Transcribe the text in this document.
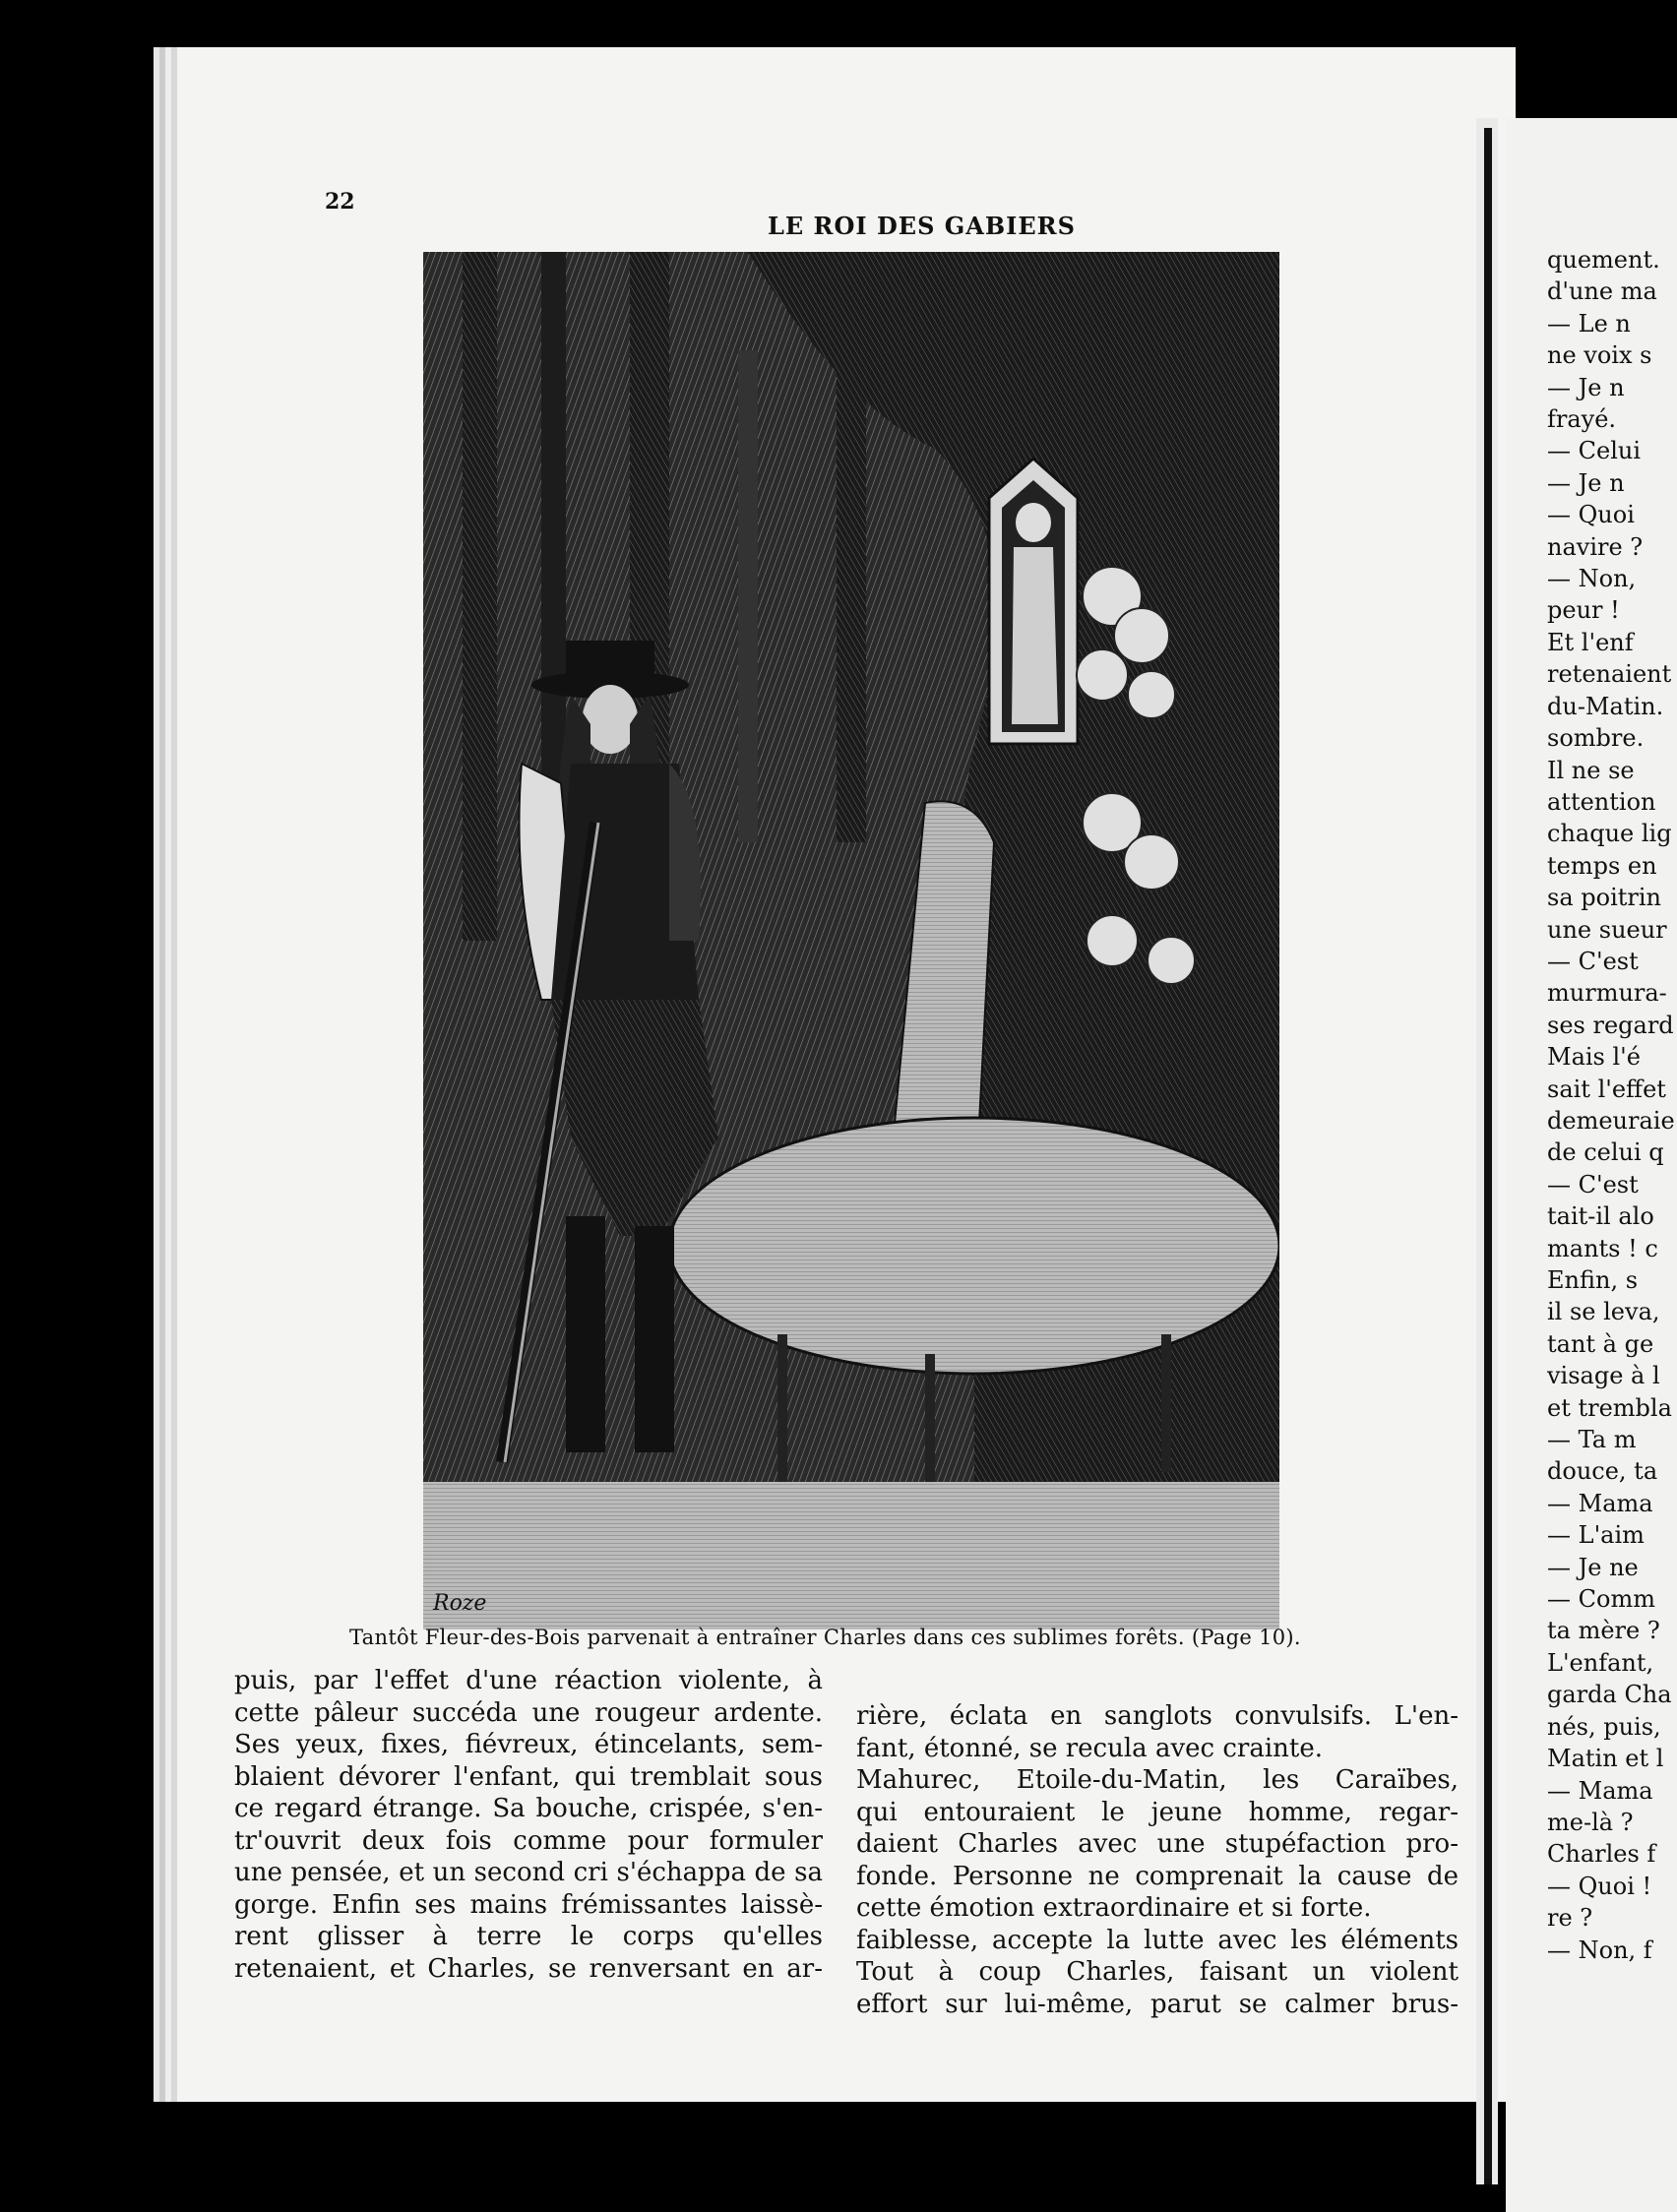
22
LE ROI DES GABIERS
Roze
Tantôt Fleur-des-Bois parvenait à entraîner Charles dans ces sublimes forêts. (Page 10).
puis, par l'effet d'une réaction violente, à
cette pâleur succéda une rougeur ardente.
Ses yeux, fixes, fiévreux, étincelants, sem-
blaient dévorer l'enfant, qui tremblait sous
ce regard étrange. Sa bouche, crispée, s'en-
tr'ouvrit deux fois comme pour formuler
une pensée, et un second cri s'échappa de sa
gorge. Enfin ses mains frémissantes laissè-
rent glisser à terre le corps qu'elles
retenaient, et Charles, se renversant en ar-
rière, éclata en sanglots convulsifs. L'en-
fant, étonné, se recula avec crainte.
Mahurec, Etoile-du-Matin, les Caraïbes,
qui entouraient le jeune homme, regar-
daient Charles avec une stupéfaction pro-
fonde. Personne ne comprenait la cause de
cette émotion extraordinaire et si forte.
faiblesse, accepte la lutte avec les éléments
Tout à coup Charles, faisant un violent
effort sur lui-même, parut se calmer brus-
quement.
d'une ma
— Le n
ne voix s
— Je n
frayé.
— Celui
— Je n
— Quoi
navire ?
— Non,
peur !
Et l'enf
retenaient
du-Matin.
sombre.
Il ne se
attention
chaque lig
temps en
sa poitrin
une sueur
— C'est
murmura-
ses regard
Mais l'é
sait l'effet
demeuraie
de celui q
— C'est
tait-il alo
mants ! c
Enfin, s
il se leva,
tant à ge
visage à l
et trembla
— Ta m
douce, ta
— Mama
— L'aim
— Je ne
— Comm
ta mère ?
L'enfant,
garda Cha
nés, puis,
Matin et l
— Mama
me-là ?
Charles f
— Quoi !
re ?
— Non, f
